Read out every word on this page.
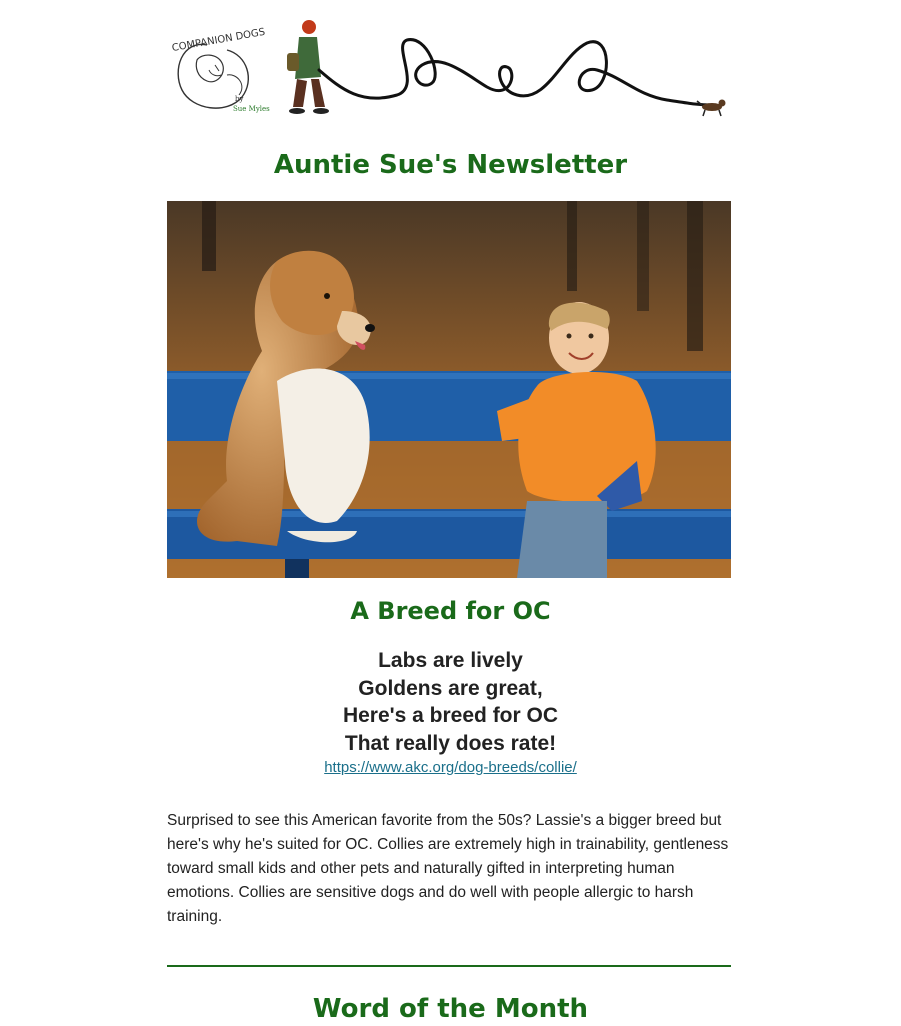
COMPANION DOGS
by
Sue Myles
Auntie Sue's Newsletter
A Breed for OC
Labs are lively
Goldens are great,
Here's a breed for OC
That really does rate!
https://www.akc.org/dog-breeds/collie/

Surprised to see this American favorite from the 50s? Lassie's a bigger breed but here's why he's suited for OC. Collies are extremely high in trainability, gentleness toward small kids and other pets and naturally gifted in interpreting human emotions. Collies are sensitive dogs and do well with people allergic to harsh training.

Word of the Month
